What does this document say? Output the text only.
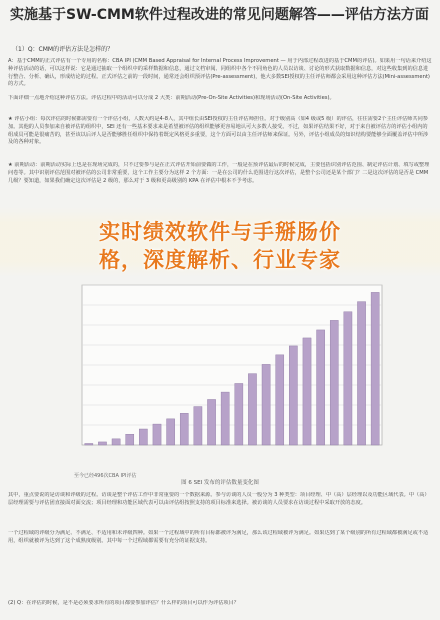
实施基于SW-CMM软件过程改进的常见问题解答——评估方法方面
（1）Q：CMM的评估方法是怎样的？
A：基于CMM的正式评估有一个专用的名称：CBA IPI (CMM Based Appraisal for Internal Process Improvement — 用于内部过程改进的基于CMM的评估)。如果用一句话来介绍这种评估活动的话，可以这样说：它是通过抽取一个组织中的采样数据和信息，通过文档审阅、同组织中各个不同角色的人员以访谈、讨论的形式获取数据和信息，对这些收集到的信息进行整合、分析、确认，形成结论的过程。正式评估之前的一段时间，通常还会组织预评估(Pre-assessment)，他大多数SEI授权的主任评估师都会采用这种评估方法(Mini-assessment)的方式。
下面详细一点地介绍这种评估方法。评估过程中的活动可以分成 2 大类：前期活动(Pre-On-Site Activities)和现场活动(On-Site Activities)。
★ 评估小组：每次评估的时候都需要有一个评估小组，人数大约是4-8人，其中组长由SEI授权的主任评估师担任。对于级别高（如4 级或5 级）的评估，往往需要2个主任评估师共同参加。其他的人员参加来自被评估的组织中，SEI 还有一些基本要求来是希望被评估的组织能够更容易地认可大多数人接受。不过，如果评估结果不好，对于来自被评估方的评估小组内的组成员可能是很痛苦的，甚至该以后评人是否能够胜任组织中保持着既定风格更多重要，这个方面可以由主任评估师来保证。另外，评估小组成员的知识结构要能够全面覆盖评估中所涉及的各种对象。
★ 前期活动：前期活动实际上也是在现场完成的，只不过要参与是在正式评估开始前要做的工作，一般是在预评估最后的时候完成，主要包括识别评估范围、制定评估计划、填写或整理问卷等。其中识别评估范围对被评估的公司非常重要，这个工作主要分为这样 2 个方面：一是在公司的什么范围进行这次评估，是整个公司还是某个部门？二是这次评估的是否是 CMM 几级？要知道，如果我们确定这次评估是 2 级的，那么对于 3 级和更高级别的 KPA 在评估中根本不予考虑。
实时绩效软件与手掰肠价
格，深度解析、行业专家
至今已经496次CBA IPI评估
图 6 SEI 发布的评估数量变化图
其中，重点要说的是访谈和评级的过程。访谈是整个评估工作中非常重要的一个数据来源。参与访谈的人员一般分为 3 种类型：项目经理、中（高）层经理以及功能区域代表。中（高）层经理需要与评估团直接面对面交流；项目经理和功能区域代表可以由评估组按照支持的项目标准来选择。被访谈的人员要求在访谈过程中采取开放的态度。
一个过程域的评级分为满足、不满足、不适用和未评级四种。如果一个过程域中的所有目标都被评为满足，那么该过程域被评为满足。如果达到了某个级别的所有过程域都被满足或不适用，组织就被评为达到了这个成熟度级别。其中每一个过程域都需要有充分的证据支持。
(2) Q：在评估的时候，是不是必须要求所有的项目都要参加评估？什么样的项目可以作为评估项目？
